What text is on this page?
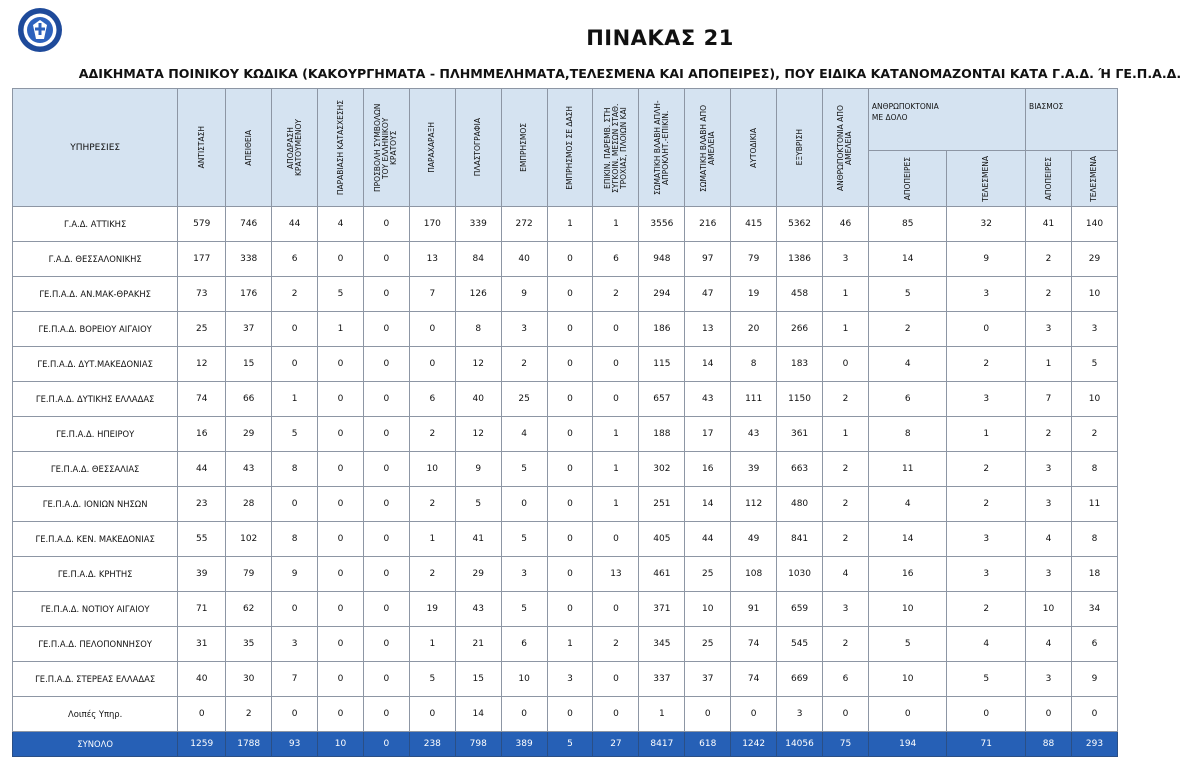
ΠΙΝΑΚΑΣ 21
ΑΔΙΚΗΜΑΤΑ ΠΟΙΝΙΚΟΥ ΚΩΔΙΚΑ (ΚΑΚΟΥΡΓΗΜΑΤΑ - ΠΛΗΜΜΕΛΗΜΑΤΑ,ΤΕΛΕΣΜΕΝΑ ΚΑΙ ΑΠΟΠΕΙΡΕΣ), ΠΟΥ ΕΙΔΙΚΑ ΚΑΤΑΝΟΜΑΖΟΝΤΑΙ ΚΑΤΑ Γ.Α.Δ. Ή ΓΕ.Π.Α.Δ.
ΥΠΗΡΕΣΙΕΣ	ΑΝΤΙΣΤΑΣΗ	ΑΠΕΙΘΕΙΑ	ΑΠΟΔΡΑΣΗ
ΚΡΑΤΟΥΜΕΝΟΥ	ΠΑΡΑΒΙΑΣΗ ΚΑΤΑΣΧΕΣΗΣ	ΠΡΟΣΒΟΛΗ ΣΥΜΒΟΛΩΝ
ΤΟΥ ΕΛΛΗΝΙΚΟΥ
ΚΡΑΤΟΥΣ	ΠΑΡΑΧΑΡΑΞΗ	ΠΛΑΣΤΟΓΡΑΦΙΑ	ΕΜΠΡΗΣΜΟΣ	ΕΜΠΡΗΣΜΟΣ ΣΕ ΔΑΣΗ	ΕΠΙΚΙΝ. ΠΑΡΕΜΒ. ΣΤΗ
ΣΥΓΚΟΙΝ. ΜΕΣΩΝ ΣΤΑΘ.
ΤΡΟΧΙΑΣ, ΠΛΟΙΩΝ ΚΑΙ	ΣΩΜΑΤΙΚΗ ΒΛΑΒΗ ΑΠΛΗ-
ΑΠΡΟΚΛΗΤ.-ΕΠΙΚΙΝ.	ΣΩΜΑΤΙΚΗ ΒΛΑΒΗ ΑΠΟ
ΑΜΕΛΕΙΑ	ΑΥΤΟΔΙΚΙΑ	ΕΞΥΒΡΙΣΗ	ΑΝΘΡΩΠΟΚΤΟΝΙΑ ΑΠΟ
ΑΜΕΛΕΙΑ	ΑΝΘΡΩΠΟΚΤΟΝΙΑ ΜΕ ΔΟΛΟ		ΒΙΑΣΜΟΣ	

																ΑΠΟΠΕΙΡΕΣ	ΤΕΛΕΣΜΕΝΑ	ΑΠΟΠΕΙΡΕΣ	ΤΕΛΕΣΜΕΝΑ

Γ.Α.Δ. ΑΤΤΙΚΗΣ	579	746	44	4	0	170	339	272	1	1	3556	216	415	5362	46	85	32	41	140
Γ.Α.Δ. ΘΕΣΣΑΛΟΝΙΚΗΣ	177	338	6	0	0	13	84	40	0	6	948	97	79	1386	3	14	9	2	29
ΓΕ.Π.Α.Δ. ΑΝ.ΜΑΚ-ΘΡΑΚΗΣ	73	176	2	5	0	7	126	9	0	2	294	47	19	458	1	5	3	2	10
ΓΕ.Π.Α.Δ. ΒΟΡΕΙΟΥ ΑΙΓΑΙΟΥ	25	37	0	1	0	0	8	3	0	0	186	13	20	266	1	2	0	3	3
ΓΕ.Π.Α.Δ. ΔΥΤ.ΜΑΚΕΔΟΝΙΑΣ	12	15	0	0	0	0	12	2	0	0	115	14	8	183	0	4	2	1	5
ΓΕ.Π.Α.Δ. ΔΥΤΙΚΗΣ ΕΛΛΑΔΑΣ	74	66	1	0	0	6	40	25	0	0	657	43	111	1150	2	6	3	7	10
ΓΕ.Π.Α.Δ. ΗΠΕΙΡΟΥ	16	29	5	0	0	2	12	4	0	1	188	17	43	361	1	8	1	2	2
ΓΕ.Π.Α.Δ. ΘΕΣΣΑΛΙΑΣ	44	43	8	0	0	10	9	5	0	1	302	16	39	663	2	11	2	3	8
ΓΕ.Π.Α.Δ. ΙΟΝΙΩΝ ΝΗΣΩΝ	23	28	0	0	0	2	5	0	0	1	251	14	112	480	2	4	2	3	11
ΓΕ.Π.Α.Δ. ΚΕΝ. ΜΑΚΕΔΟΝΙΑΣ	55	102	8	0	0	1	41	5	0	0	405	44	49	841	2	14	3	4	8
ΓΕ.Π.Α.Δ. ΚΡΗΤΗΣ	39	79	9	0	0	2	29	3	0	13	461	25	108	1030	4	16	3	3	18
ΓΕ.Π.Α.Δ. ΝΟΤΙΟΥ ΑΙΓΑΙΟΥ	71	62	0	0	0	19	43	5	0	0	371	10	91	659	3	10	2	10	34
ΓΕ.Π.Α.Δ. ΠΕΛΟΠΟΝΝΗΣΟΥ	31	35	3	0	0	1	21	6	1	2	345	25	74	545	2	5	4	4	6
ΓΕ.Π.Α.Δ. ΣΤΕΡΕΑΣ ΕΛΛΑΔΑΣ	40	30	7	0	0	5	15	10	3	0	337	37	74	669	6	10	5	3	9
Λοιπές Υπηρ.	0	2	0	0	0	0	14	0	0	0	1	0	0	3	0	0	0	0	0
ΣΥΝΟΛΟ	1259	1788	93	10	0	238	798	389	5	27	8417	618	1242	14056	75	194	71	88	293
